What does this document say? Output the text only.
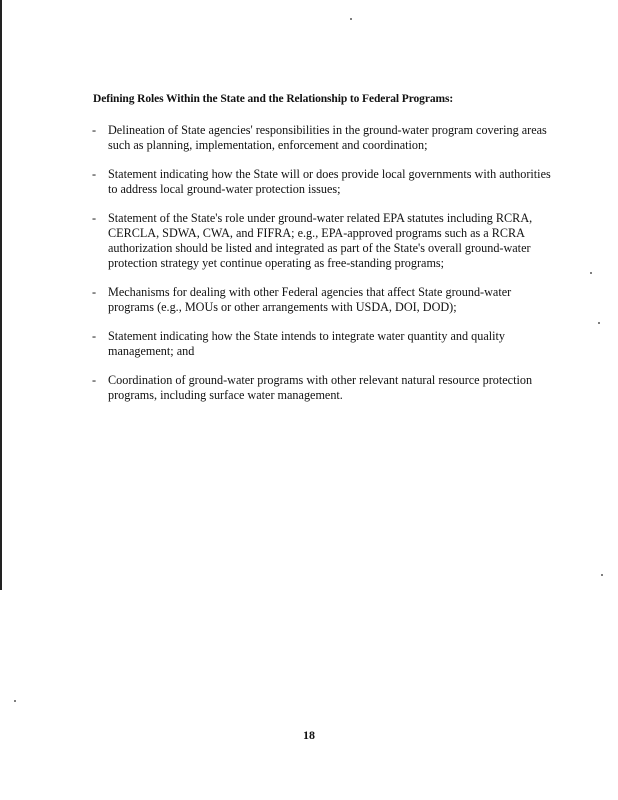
Defining Roles Within the State and the Relationship to Federal Programs:
- Delineation of State agencies' responsibilities in the ground-water program covering areas such as planning, implementation, enforcement and coordination;
- Statement indicating how the State will or does provide local governments with authorities to address local ground-water protection issues;
- Statement of the State's role under ground-water related EPA statutes including RCRA, CERCLA, SDWA, CWA, and FIFRA; e.g., EPA-approved programs such as a RCRA authorization should be listed and integrated as part of the State's overall ground-water protection strategy yet continue operating as free-standing programs;
- Mechanisms for dealing with other Federal agencies that affect State ground-water programs (e.g., MOUs or other arrangements with USDA, DOI, DOD);
- Statement indicating how the State intends to integrate water quantity and quality management; and
- Coordination of ground-water programs with other relevant natural resource protection programs, including surface water management.
18
